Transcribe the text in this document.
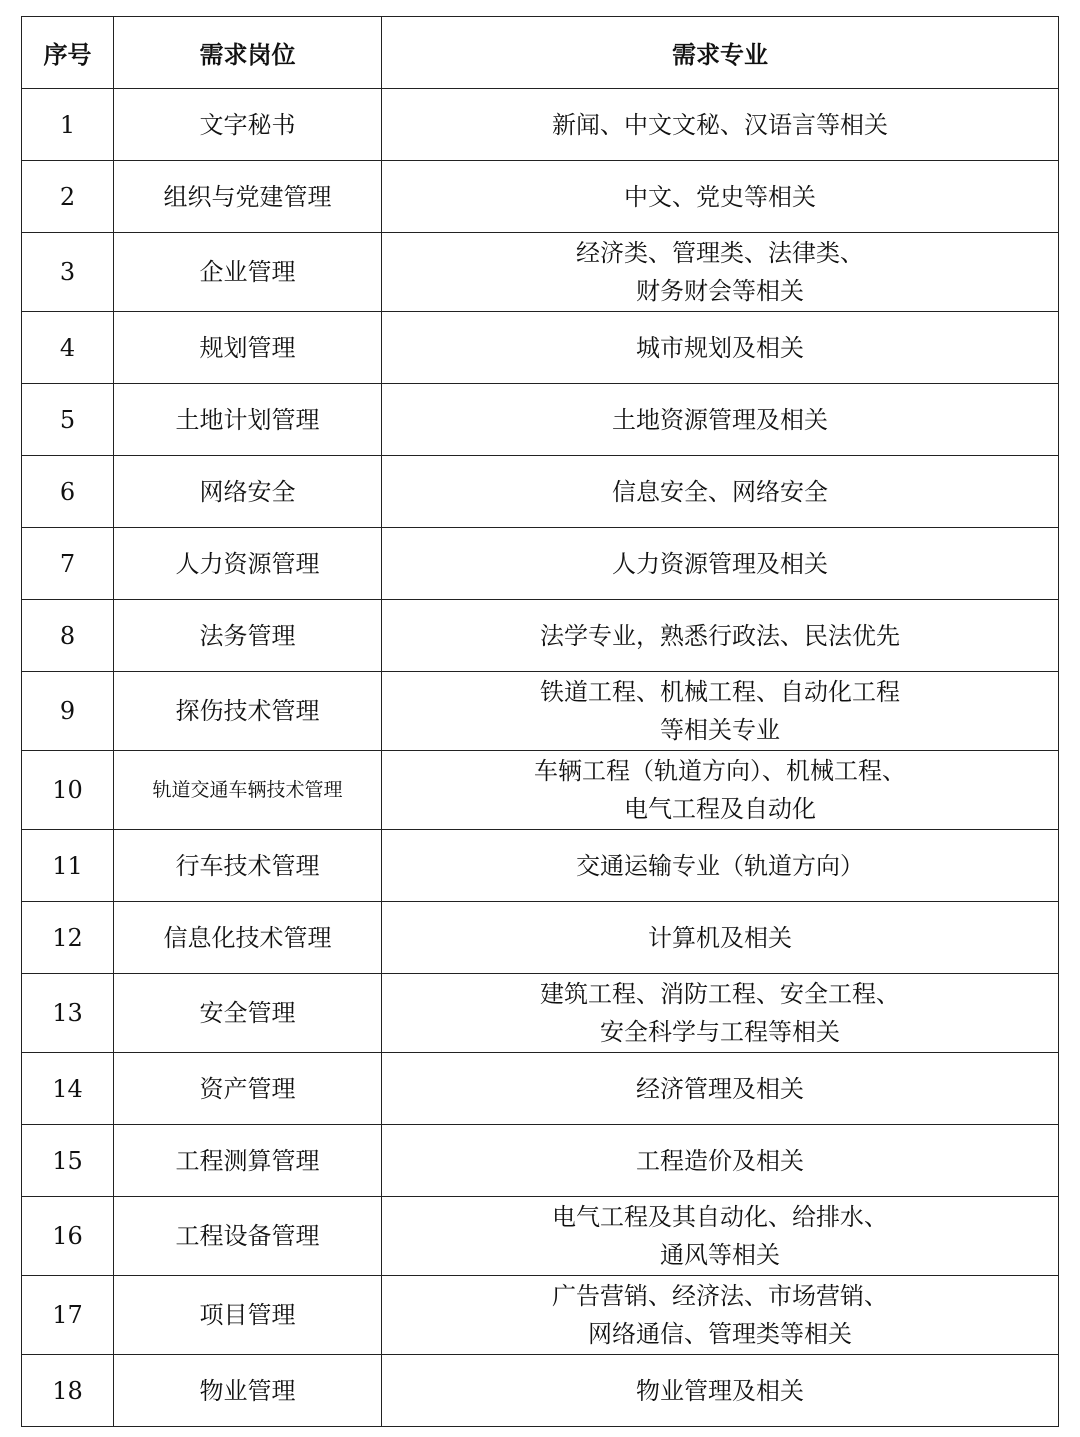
序号	需求岗位	需求专业
1	文字秘书	新闻、中文文秘、汉语言等相关

2	组织与党建管理	中文、党史等相关

3	企业管理	经济类、管理类、法律类、
财务财会等相关

4	规划管理	城市规划及相关

5	土地计划管理	土地资源管理及相关

6	网络安全	信息安全、网络安全

7	人力资源管理	人力资源管理及相关

8	法务管理	法学专业，熟悉行政法、民法优先

9	探伤技术管理	铁道工程、机械工程、自动化工程
等相关专业

10	轨道交通车辆技术管理	车辆工程（轨道方向）、机械工程、
电气工程及自动化

11	行车技术管理	交通运输专业（轨道方向）

12	信息化技术管理	计算机及相关

13	安全管理	建筑工程、消防工程、安全工程、
安全科学与工程等相关

14	资产管理	经济管理及相关

15	工程测算管理	工程造价及相关

16	工程设备管理	电气工程及其自动化、给排水、
通风等相关

17	项目管理	广告营销、经济法、市场营销、
网络通信、管理类等相关

18	物业管理	物业管理及相关
